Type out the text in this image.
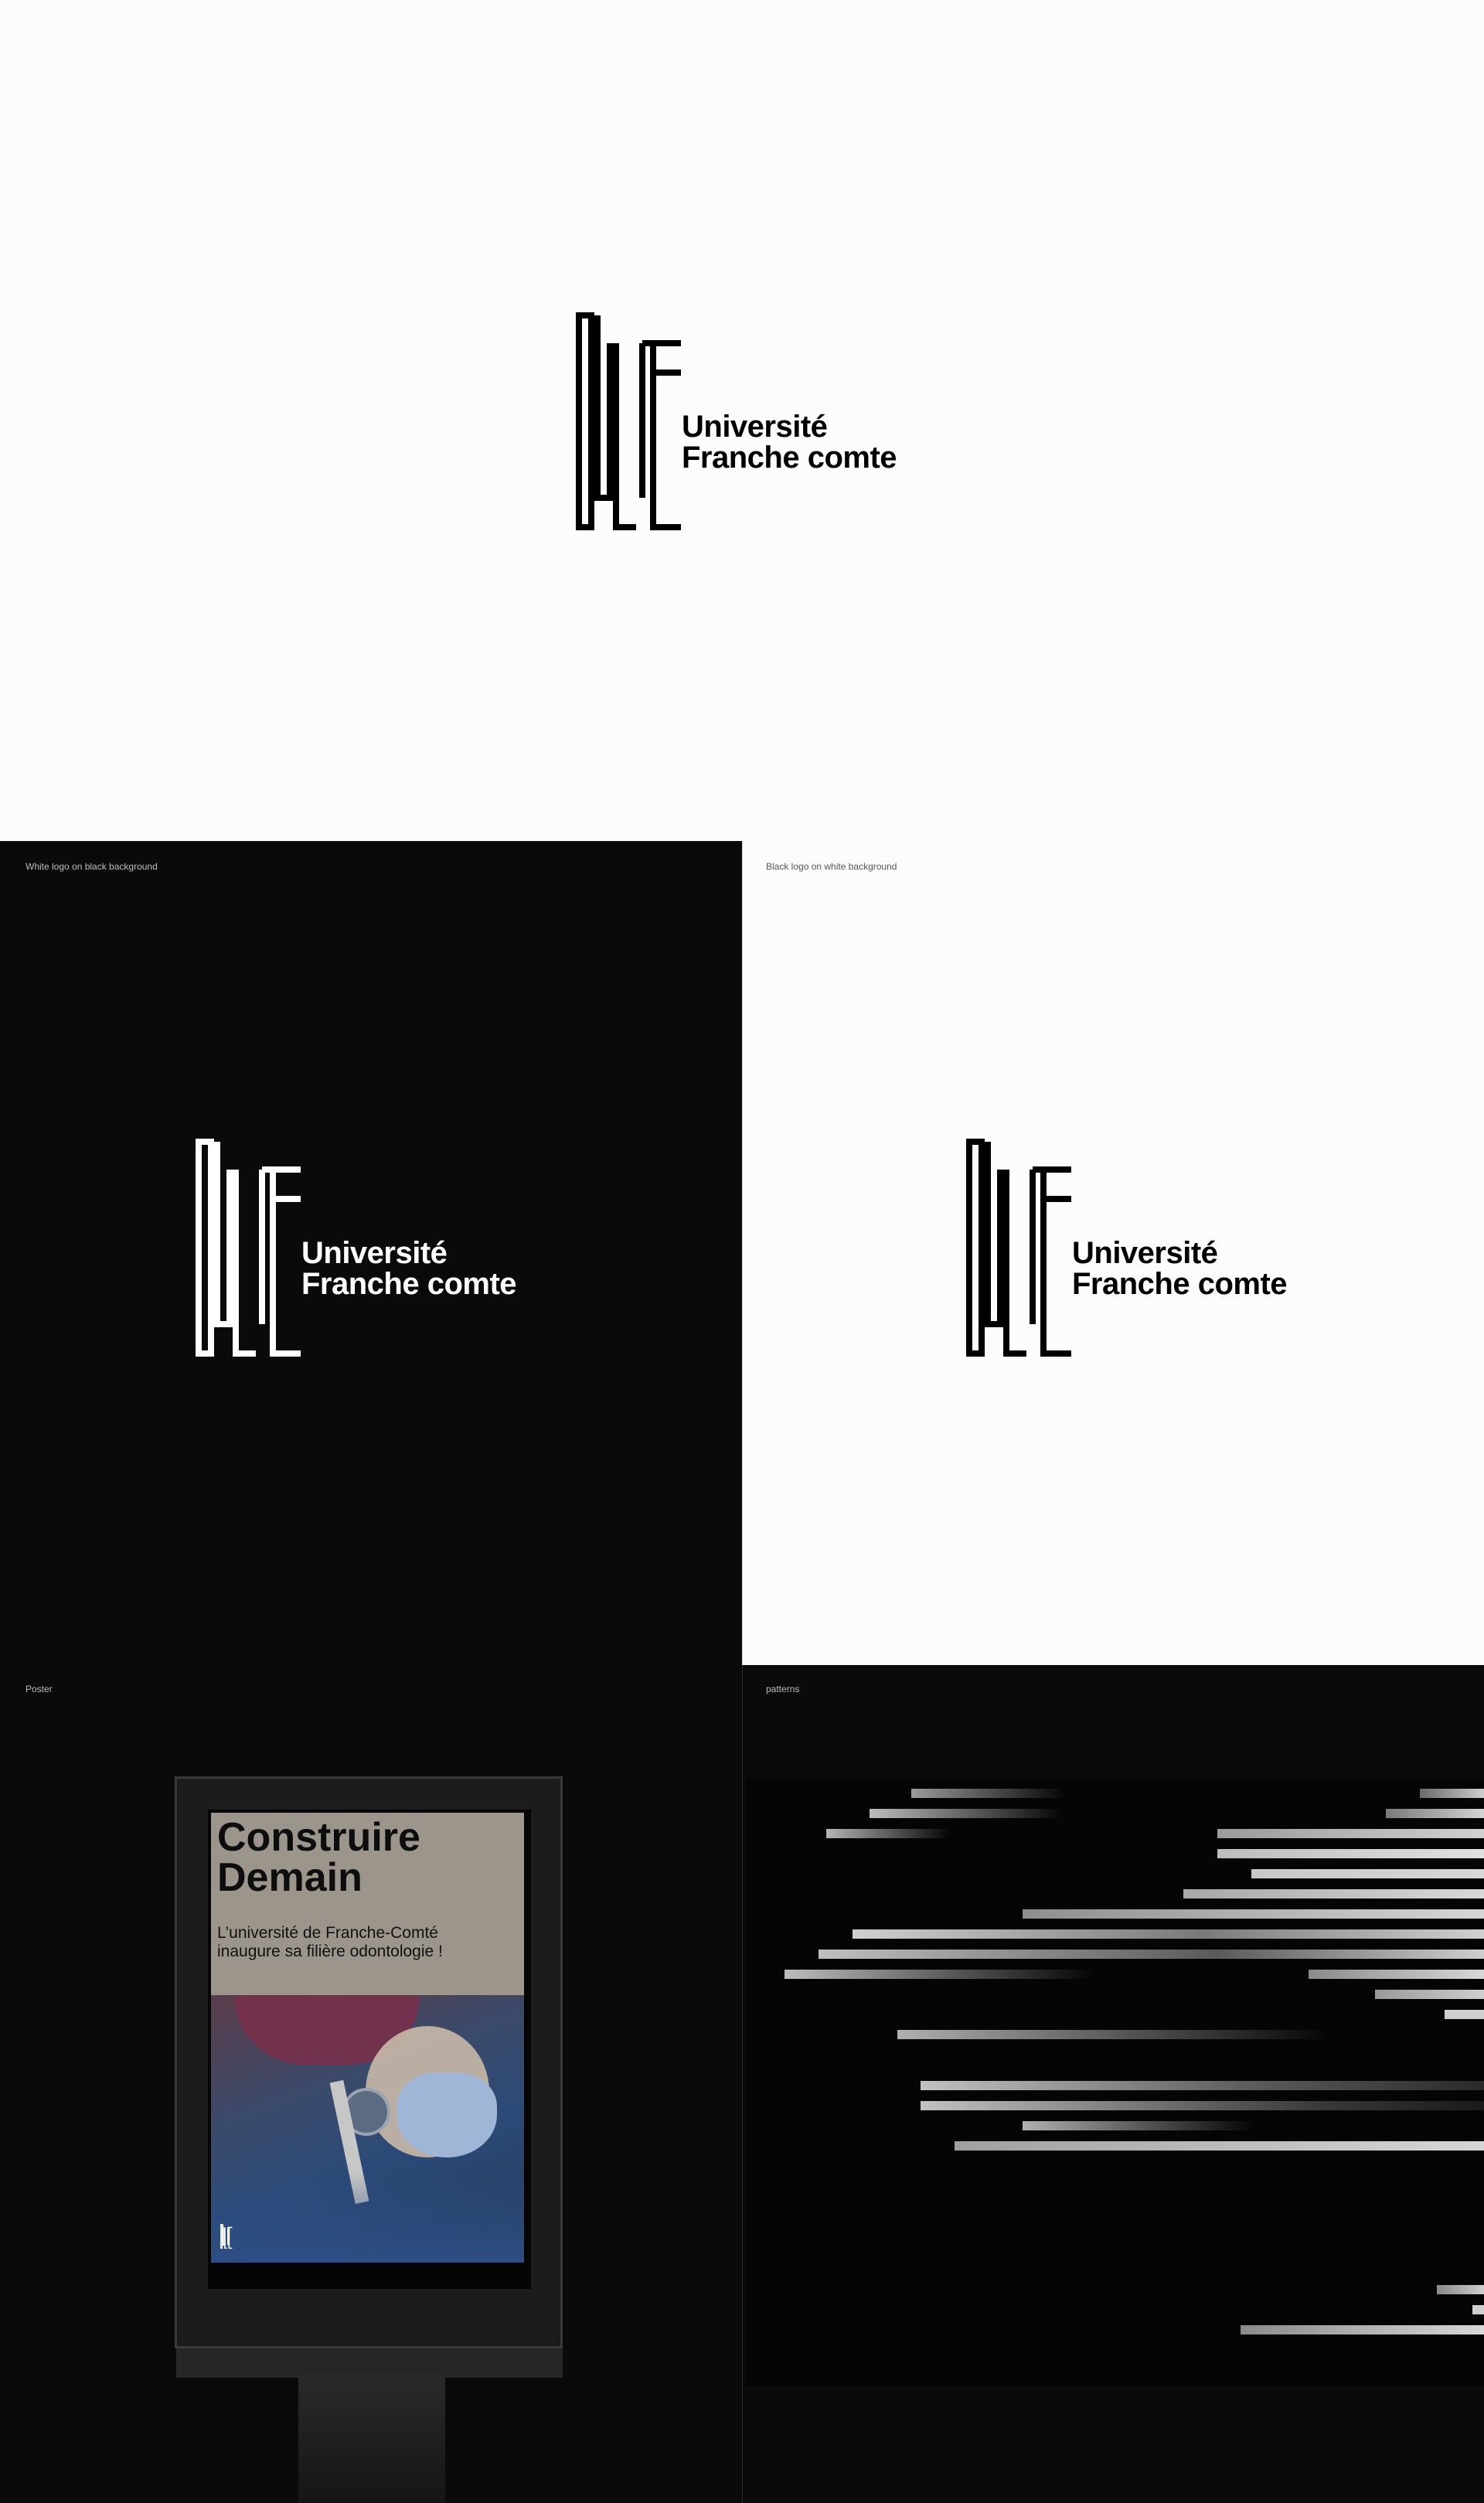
Université
Franche comte
White logo on black background
Université
Franche comte
Black logo on white background
Université
Franche comte
Poster
Construire
Demain
L’université de Franche-Comté
inaugure sa filière odontologie !
patterns
